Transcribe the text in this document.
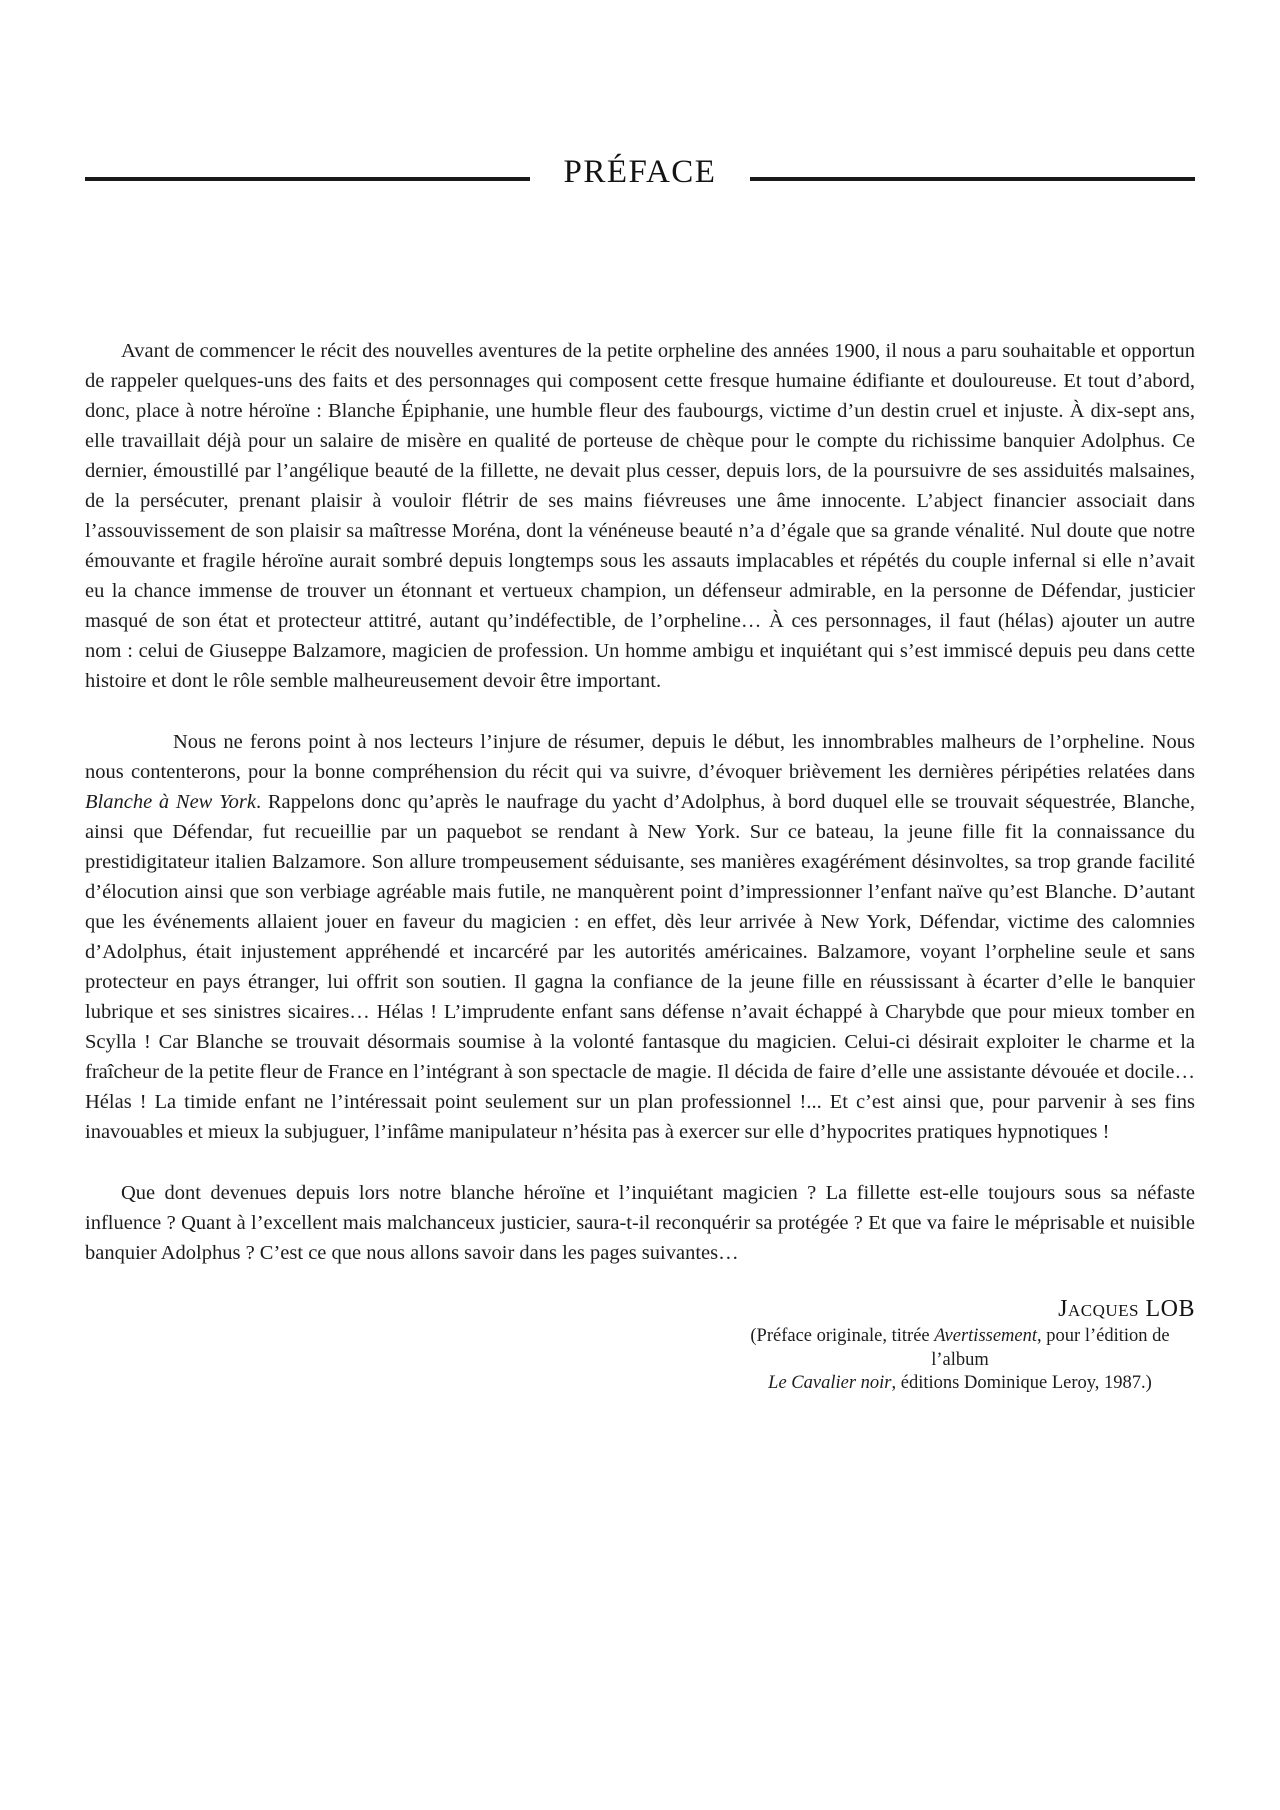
PRÉFACE

Avant de commencer le récit des nouvelles aventures de la petite orpheline des années 1900, il nous a paru souhaitable et opportun de rappeler quelques-uns des faits et des personnages qui composent cette fresque humaine édifiante et douloureuse. Et tout d’abord, donc, place à notre héroïne : Blanche Épiphanie, une humble fleur des faubourgs, victime d’un destin cruel et injuste. À dix-sept ans, elle travaillait déjà pour un salaire de misère en qualité de porteuse de chèque pour le compte du richissime banquier Adolphus. Ce dernier, émoustillé par l’angélique beauté de la fillette, ne devait plus cesser, depuis lors, de la poursuivre de ses assiduités malsaines, de la persécuter, prenant plaisir à vouloir flétrir de ses mains fiévreuses une âme innocente. L’abject financier associait dans l’assouvissement de son plaisir sa maîtresse Moréna, dont la vénéneuse beauté n’a d’égale que sa grande vénalité. Nul doute que notre émouvante et fragile héroïne aurait sombré depuis longtemps sous les assauts implacables et répétés du couple infernal si elle n’avait eu la chance immense de trouver un étonnant et vertueux champion, un défenseur admirable, en la personne de Défendar, justicier masqué de son état et protecteur attitré, autant qu’indéfectible, de l’orpheline… À ces personnages, il faut (hélas) ajouter un autre nom : celui de Giuseppe Balzamore, magicien de profession. Un homme ambigu et inquiétant qui s’est immiscé depuis peu dans cette histoire et dont le rôle semble malheureusement devoir être important.

Nous ne ferons point à nos lecteurs l’injure de résumer, depuis le début, les innombrables malheurs de l’orpheline. Nous nous contenterons, pour la bonne compréhension du récit qui va suivre, d’évoquer brièvement les dernières péripéties relatées dans Blanche à New York. Rappelons donc qu’après le naufrage du yacht d’Adolphus, à bord duquel elle se trouvait séquestrée, Blanche, ainsi que Défendar, fut recueillie par un paquebot se rendant à New York. Sur ce bateau, la jeune fille fit la connaissance du prestidigitateur italien Balzamore. Son allure trompeusement séduisante, ses manières exagérément désinvoltes, sa trop grande facilité d’élocution ainsi que son verbiage agréable mais futile, ne manquèrent point d’impressionner l’enfant naïve qu’est Blanche. D’autant que les événements allaient jouer en faveur du magicien : en effet, dès leur arrivée à New York, Défendar, victime des calomnies d’Adolphus, était injustement appréhendé et incarcéré par les autorités américaines. Balzamore, voyant l’orpheline seule et sans protecteur en pays étranger, lui offrit son soutien. Il gagna la confiance de la jeune fille en réussissant à écarter d’elle le banquier lubrique et ses sinistres sicaires… Hélas ! L’imprudente enfant sans défense n’avait échappé à Charybde que pour mieux tomber en Scylla ! Car Blanche se trouvait désormais soumise à la volonté fantasque du magicien. Celui-ci désirait exploiter le charme et la fraîcheur de la petite fleur de France en l’intégrant à son spectacle de magie. Il décida de faire d’elle une assistante dévouée et docile… Hélas ! La timide enfant ne l’intéressait point seulement sur un plan professionnel !... Et c’est ainsi que, pour parvenir à ses fins inavouables et mieux la subjuguer, l’infâme manipulateur n’hésita pas à exercer sur elle d’hypocrites pratiques hypnotiques !

Que dont devenues depuis lors notre blanche héroïne et l’inquiétant magicien ? La fillette est-elle toujours sous sa néfaste influence ? Quant à l’excellent mais malchanceux justicier, saura-t-il reconquérir sa protégée ? Et que va faire le méprisable et nuisible banquier Adolphus ? C’est ce que nous allons savoir dans les pages suivantes…

Jacques LOB
(Préface originale, titrée Avertissement, pour l’édition de l’album
Le Cavalier noir, éditions Dominique Leroy, 1987.)
